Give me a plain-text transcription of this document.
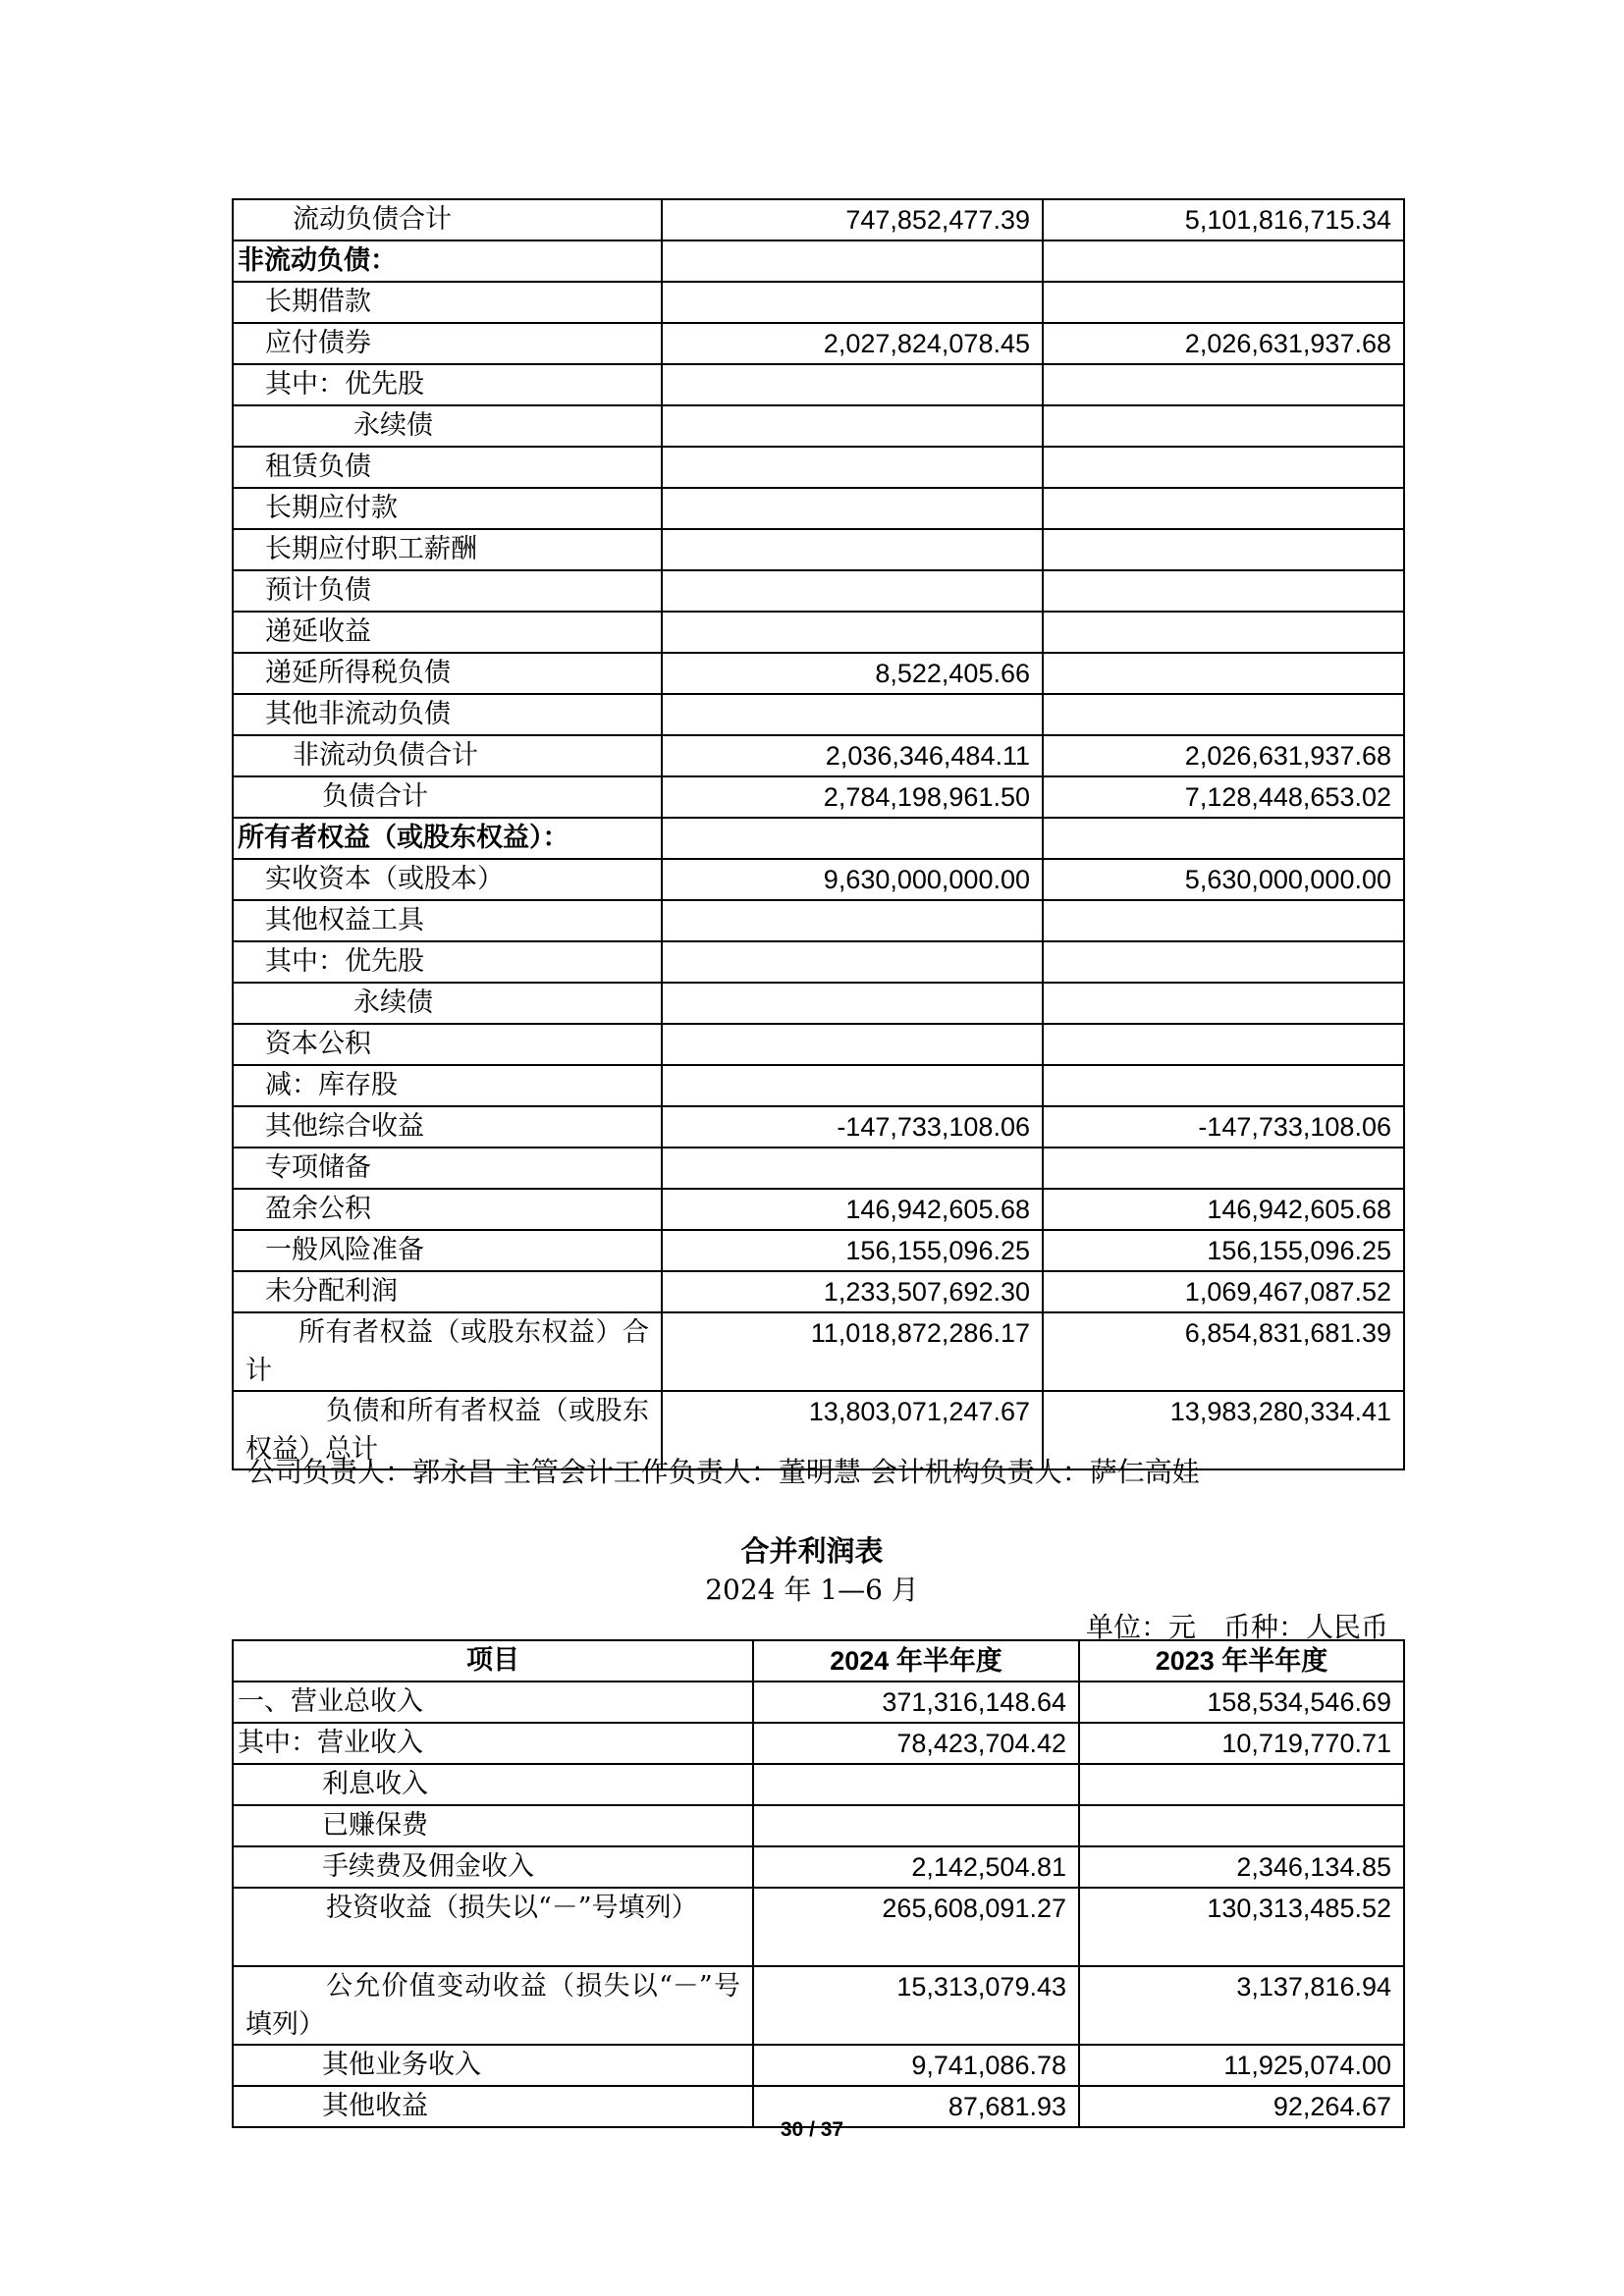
流动负债合计	747,852,477.39	5,101,816,715.34
非流动负债：		
长期借款		
应付债券	2,027,824,078.45	2,026,631,937.68
其中：优先股		
永续债		
租赁负债		
长期应付款		
长期应付职工薪酬		
预计负债		
递延收益		
递延所得税负债	8,522,405.66	
其他非流动负债		
非流动负债合计	2,036,346,484.11	2,026,631,937.68
负债合计	2,784,198,961.50	7,128,448,653.02
所有者权益（或股东权益）：		
实收资本（或股本）	9,630,000,000.00	5,630,000,000.00
其他权益工具		
其中：优先股		
永续债		
资本公积		
减：库存股		
其他综合收益	-147,733,108.06	-147,733,108.06
专项储备		
盈余公积	146,942,605.68	146,942,605.68
一般风险准备	156,155,096.25	156,155,096.25
未分配利润	1,233,507,692.30	1,069,467,087.52
所有者权益（或股东权益）合计	11,018,872,286.17	6,854,831,681.39
负债和所有者权益（或股东权益）总计	13,803,071,247.67	13,983,280,334.41
公司负责人：郭永昌 主管会计工作负责人：董明慧 会计机构负责人：萨仁高娃
合并利润表
2024 年 1—6 月
单位：元　币种：人民币
项目	2024 年半年度	2023 年半年度
一、营业总收入	371,316,148.64	158,534,546.69
其中：营业收入	78,423,704.42	10,719,770.71
利息收入		
已赚保费		
手续费及佣金收入	2,142,504.81	2,346,134.85
投资收益（损失以“－”号填列）	265,608,091.27	130,313,485.52
公允价值变动收益（损失以“－”号填列）	15,313,079.43	3,137,816.94
其他业务收入	9,741,086.78	11,925,074.00
其他收益	87,681.93	92,264.67
30 / 37
